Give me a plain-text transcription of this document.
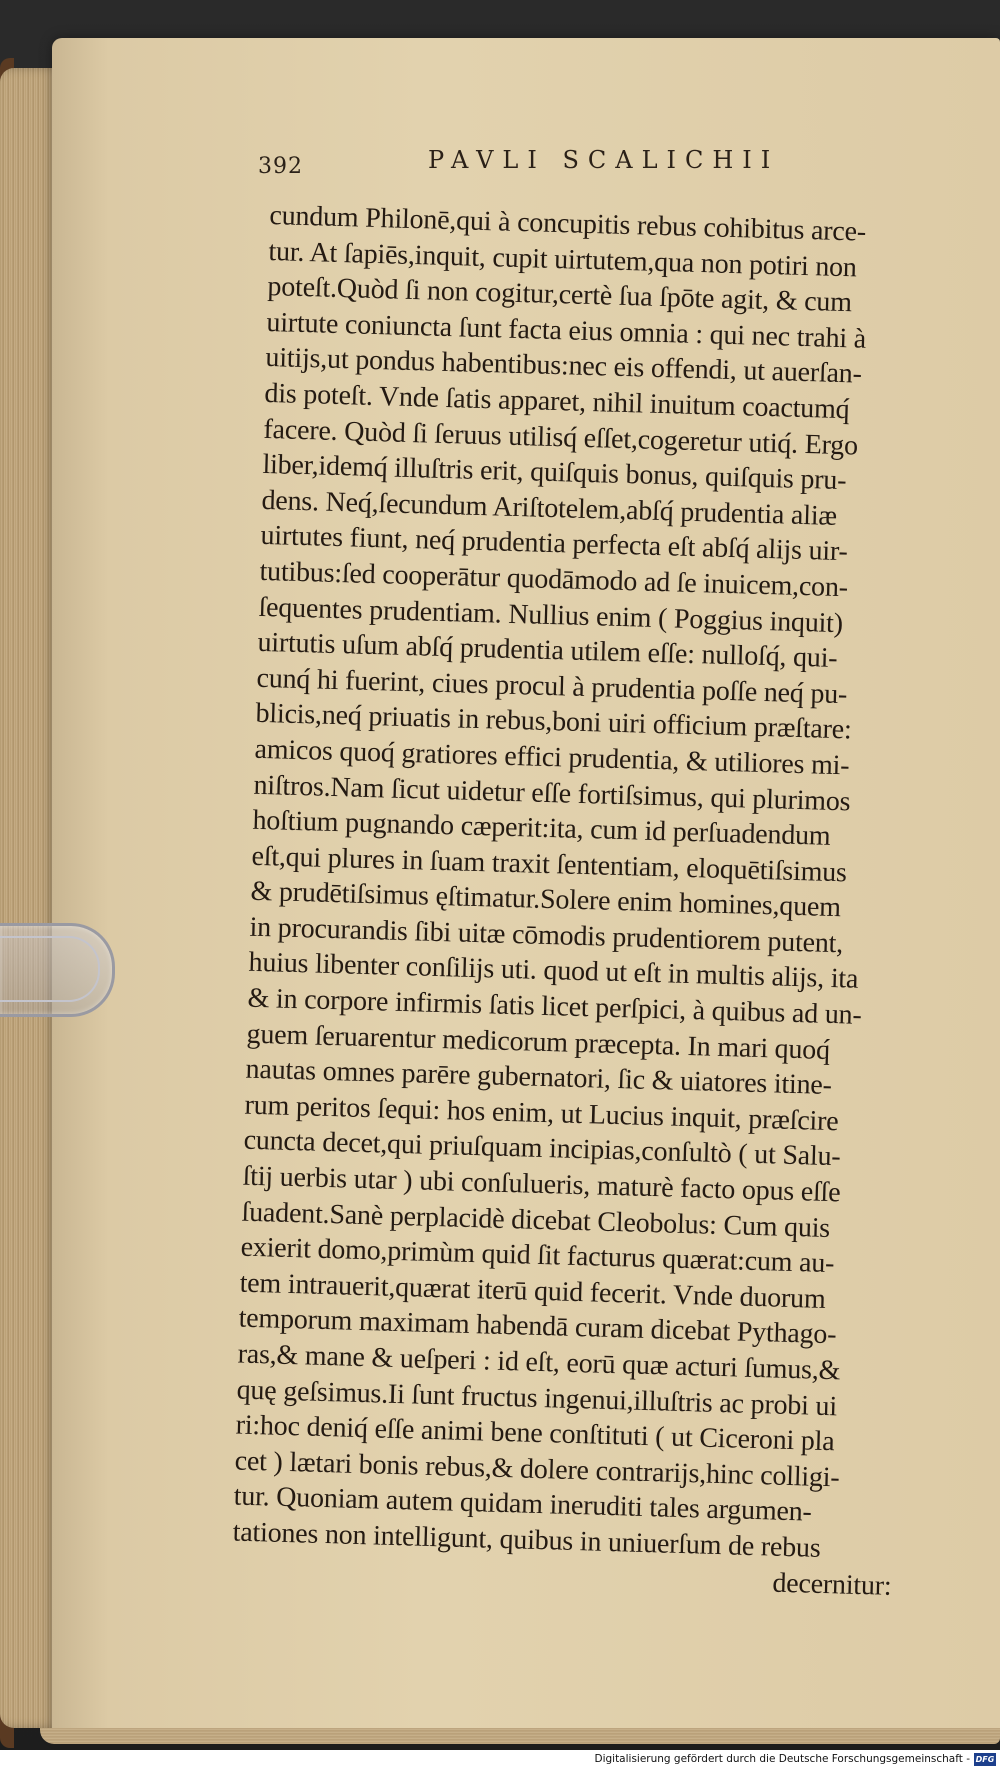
392	PAVLI SCALICHII
cundum Philonē,qui à concupitis rebus cohibitus arce-
tur. At ſapiēs,inquit, cupit uirtutem,qua non potiri non
poteſt.Quòd ſi non cogitur,certè ſua ſpōte agit, & cum
uirtute coniuncta ſunt facta eius omnia : qui nec trahi à
uitijs,ut pondus habentibus:nec eis offendi, ut auerſan-
dis poteſt. Vnde ſatis apparet, nihil inuitum coactumq́
facere. Quòd ſi ſeruus utilisq́ eſſet,cogeretur utiq́. Ergo
liber,idemq́ illuſtris erit, quiſquis bonus, quiſquis pru-
dens. Neq́,ſecundum Ariſtotelem,abſq́ prudentia aliæ
uirtutes fiunt, neq́ prudentia perfecta eſt abſq́ alijs uir-
tutibus:ſed cooperātur quodāmodo ad ſe inuicem,con-
ſequentes prudentiam. Nullius enim ( Poggius inquit)
uirtutis uſum abſq́ prudentia utilem eſſe: nulloſq́, qui-
cunq́ hi fuerint, ciues procul à prudentia poſſe neq́ pu-
blicis,neq́ priuatis in rebus,boni uiri officium præſtare:
amicos quoq́ gratiores effici prudentia, & utiliores mi-
niſtros.Nam ſicut uidetur eſſe fortiſsimus, qui plurimos
hoſtium pugnando cæperit:ita, cum id perſuadendum
eſt,qui plures in ſuam traxit ſententiam, eloquētiſsimus
& prudētiſsimus ęſtimatur.Solere enim homines,quem
in procurandis ſibi uitæ cōmodis prudentiorem putent,
huius libenter conſilijs uti. quod ut eſt in multis alijs, ita
& in corpore infirmis ſatis licet perſpici, à quibus ad un-
guem ſeruarentur medicorum præcepta. In mari quoq́
nautas omnes parēre gubernatori, ſic & uiatores itine-
rum peritos ſequi: hos enim, ut Lucius inquit, præſcire
cuncta decet,qui priuſquam incipias,conſultò ( ut Salu-
ſtij uerbis utar ) ubi conſulueris, maturè facto opus eſſe
ſuadent.Sanè perplacidè dicebat Cleobolus: Cum quis
exierit domo,primùm quid ſit facturus quærat:cum au-
tem intrauerit,quærat iterū quid fecerit. Vnde duorum
temporum maximam habendā curam dicebat Pythago-
ras,& mane & ueſperi : id eſt, eorū quæ acturi ſumus,&
quę geſsimus.Ii ſunt fructus ingenui,illuſtris ac probi ui
ri:hoc deniq́ eſſe animi bene conſtituti ( ut Ciceroni pla
cet ) lætari bonis rebus,& dolere contrarijs,hinc colligi-
tur. Quoniam autem quidam ineruditi tales argumen-
tationes non intelligunt, quibus in uniuerſum de rebus
decernitur:
Digitalisierung gefördert durch die Deutsche Forschungsgemeinschaft - DFG
